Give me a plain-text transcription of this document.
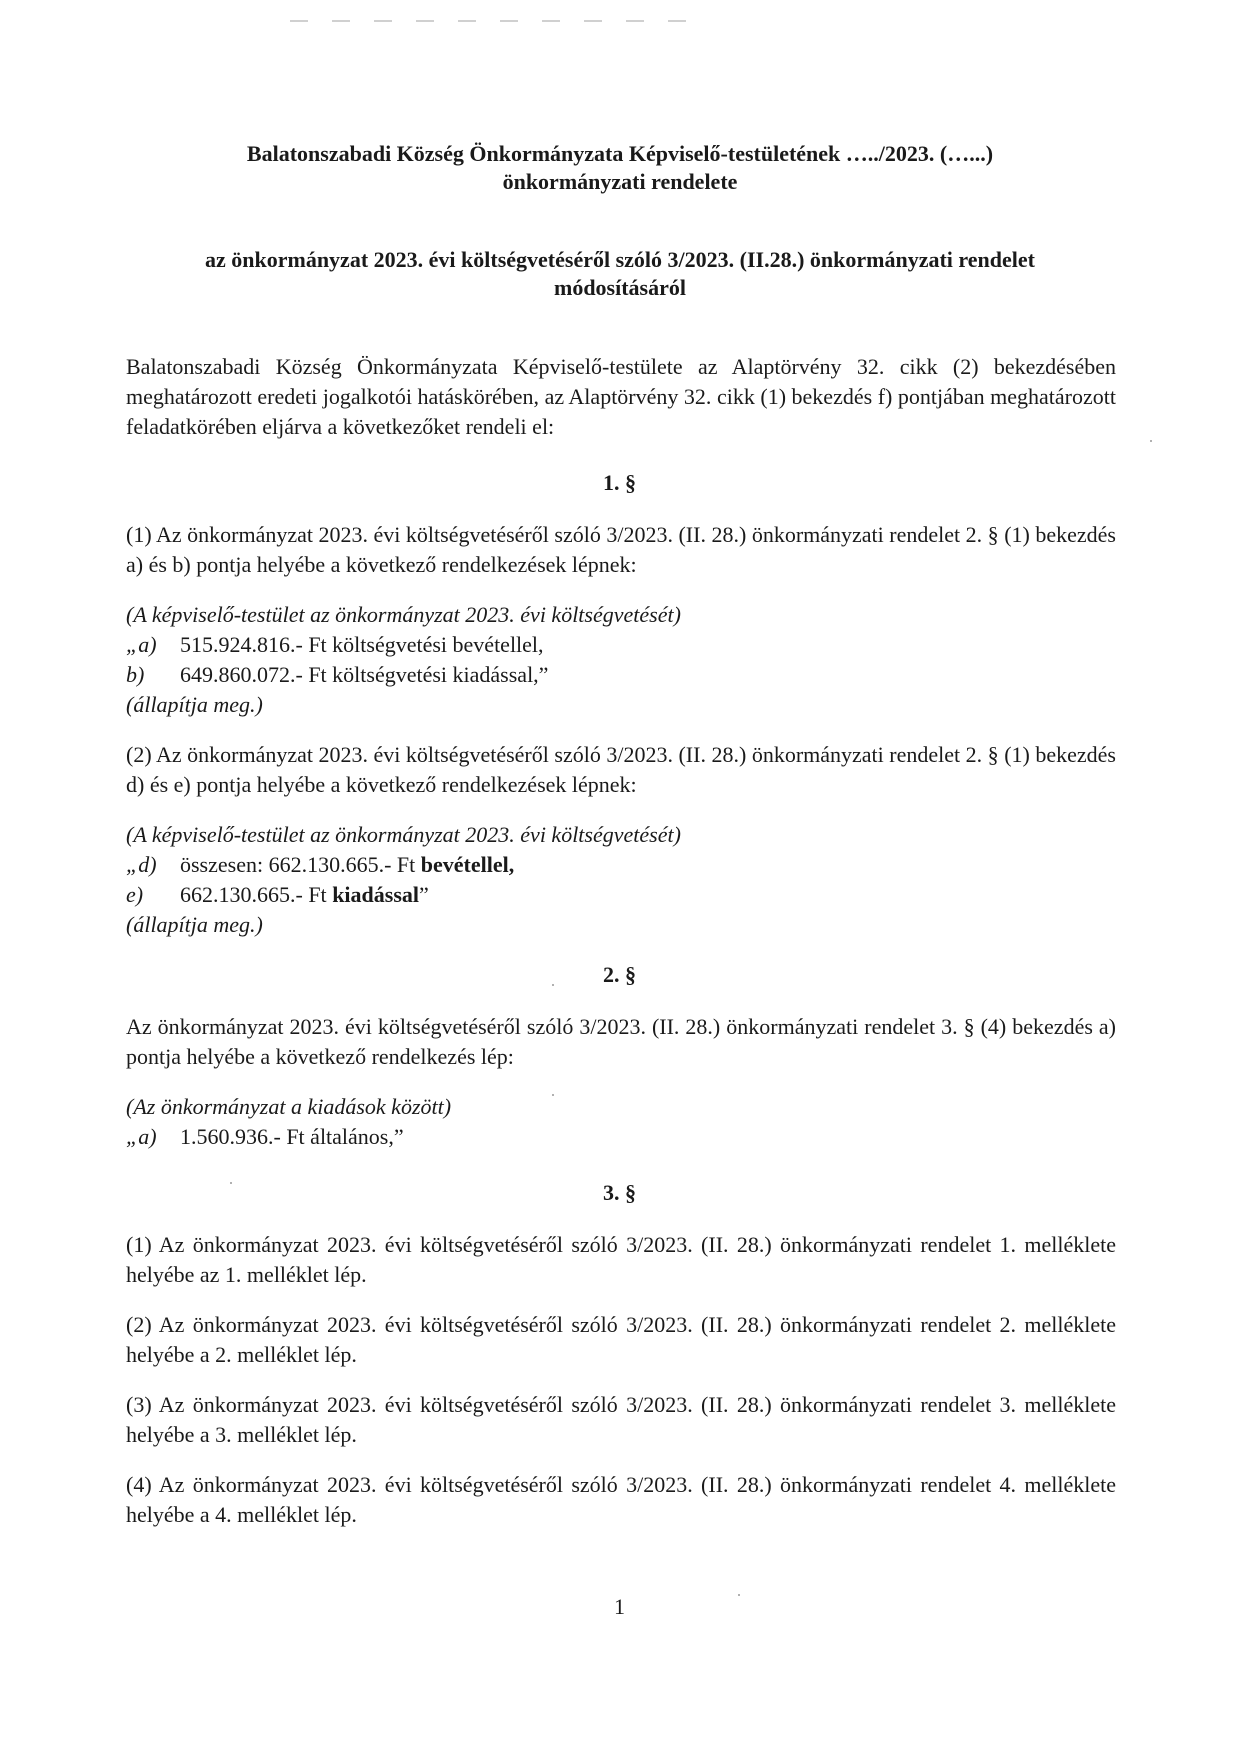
Balatonszabadi Község Önkormányzata Képviselő-testületének …../2023. (…...)
önkormányzati rendelete
az önkormányzat 2023. évi költségvetéséről szóló 3/2023. (II.28.) önkormányzati rendelet
módosításáról
Balatonszabadi Község Önkormányzata Képviselő-testülete az Alaptörvény 32. cikk (2) bekezdésében meghatározott eredeti jogalkotói hatáskörében, az Alaptörvény 32. cikk (1) bekezdés f) pontjában meghatározott feladatkörében eljárva a következőket rendeli el:
1. §
(1) Az önkormányzat 2023. évi költségvetéséről szóló 3/2023. (II. 28.) önkormányzati rendelet 2. § (1) bekezdés a) és b) pontja helyébe a következő rendelkezések lépnek:
(A képviselő-testület az önkormányzat 2023. évi költségvetését)
„a) 515.924.816.- Ft költségvetési bevétellel,
b) 649.860.072.- Ft költségvetési kiadással,”
(állapítja meg.)
(2) Az önkormányzat 2023. évi költségvetéséről szóló 3/2023. (II. 28.) önkormányzati rendelet 2. § (1) bekezdés d) és e) pontja helyébe a következő rendelkezések lépnek:
(A képviselő-testület az önkormányzat 2023. évi költségvetését)
„d) összesen: 662.130.665.- Ft bevétellel,
e) 662.130.665.- Ft kiadással”
(állapítja meg.)
2. §
Az önkormányzat 2023. évi költségvetéséről szóló 3/2023. (II. 28.) önkormányzati rendelet 3. § (4) bekezdés a) pontja helyébe a következő rendelkezés lép:
(Az önkormányzat a kiadások között)
„a) 1.560.936.- Ft általános,”
3. §
(1) Az önkormányzat 2023. évi költségvetéséről szóló 3/2023. (II. 28.) önkormányzati rendelet 1. melléklete helyébe az 1. melléklet lép.
(2) Az önkormányzat 2023. évi költségvetéséről szóló 3/2023. (II. 28.) önkormányzati rendelet 2. melléklete helyébe a 2. melléklet lép.
(3) Az önkormányzat 2023. évi költségvetéséről szóló 3/2023. (II. 28.) önkormányzati rendelet 3. melléklete helyébe a 3. melléklet lép.
(4) Az önkormányzat 2023. évi költségvetéséről szóló 3/2023. (II. 28.) önkormányzati rendelet 4. melléklete helyébe a 4. melléklet lép.
1
